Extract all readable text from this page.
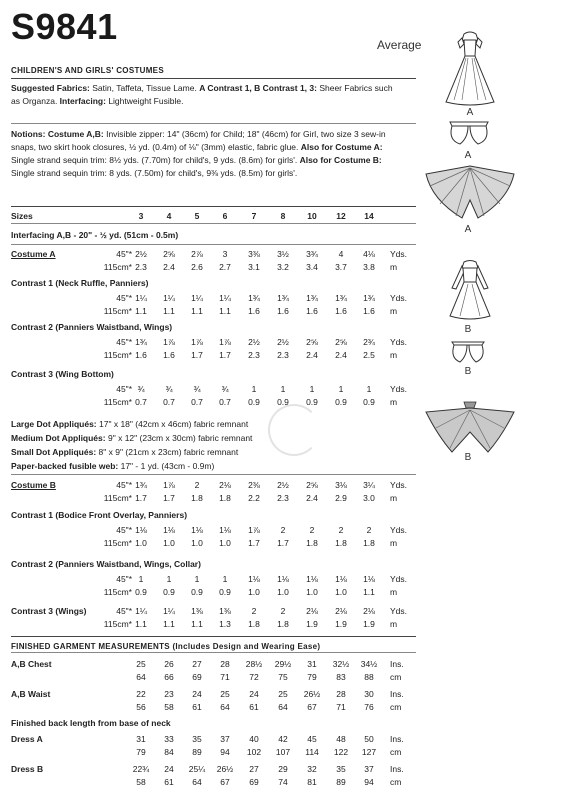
S9841	Average
CHILDREN'S AND GIRLS' COSTUMES
Suggested Fabrics: Satin, Taffeta, Tissue Lame. A Contrast 1, B Contrast 1, 3: Sheer Fabrics such
as Organza. Interfacing: Lightweight Fusible.
Notions: Costume A,B: Invisible zipper: 14" (36cm) for Child; 18" (46cm) for Girl, two size 3 sew-in
snaps, two skirt hook closures, ½ yd. (0.4m) of ⅛" (3mm) elastic, fabric glue. Also for Costume A:
Single strand sequin trim: 8½ yds. (7.70m) for child's, 9 yds. (8.6m) for girls'. Also for Costume B:
Single strand sequin trim: 8 yds. (7.50m) for child's, 9⅜ yds. (8.5m) for girls'.
Sizes	3	4	5	6	7	8	10	12	14
Interfacing A,B - 20" - ½ yd. (51cm - 0.5m)
Costume A	45"* 2½	2⅝	2⅞	3	3⅜	3½	3¾	4	4⅛	Yds.
115cm* 2.3	2.4	2.6	2.7	3.1	3.2	3.4	3.7	3.8	m
Contrast 1 (Neck Ruffle, Panniers)
45"* 1¼	1¼	1¼	1¼	1¾	1¾	1¾	1¾	1¾	Yds.
115cm* 1.1	1.1	1.1	1.1	1.6	1.6	1.6	1.6	1.6	m
Contrast 2 (Panniers Waistband, Wings)
45"* 1¾	1⅞	1⅞	1⅞	2½	2½	2⅝	2⅝	2¾	Yds.
115cm* 1.6	1.6	1.7	1.7	2.3	2.3	2.4	2.4	2.5	m
Contrast 3 (Wing Bottom)
45"* ¾	¾	¾	¾	1	1	1	1	1	Yds.
115cm* 0.7	0.7	0.7	0.7	0.9	0.9	0.9	0.9	0.9	m
Costume B	45"* 1¾	1⅞	2	2⅛	2⅜	2½	2⅝	3⅛	3¼	Yds.
115cm* 1.7	1.7	1.8	1.8	2.2	2.3	2.4	2.9	3.0	m
Contrast 1 (Bodice Front Overlay, Panniers)
45"* 1⅛	1⅛	1⅛	1⅛	1⅞	2	2	2	2	Yds.
115cm* 1.0	1.0	1.0	1.0	1.7	1.7	1.8	1.8	1.8	m
Contrast 2 (Panniers Waistband, Wings, Collar)
45"* 1	1	1	1	1⅛	1⅛	1⅛	1⅛	1⅛	Yds.
115cm* 0.9	0.9	0.9	0.9	1.0	1.0	1.0	1.0	1.1	m
Contrast 3 (Wings)	45"* 1¼	1¼	1⅜	1⅜	2	2	2⅛	2⅛	2⅛	Yds.
115cm* 1.1	1.1	1.1	1.3	1.8	1.8	1.9	1.9	1.9	m
A,B Chest	25	26	27	28	28½	29½	31	32½	34½	Ins.
64	66	69	71	72	75	79	83	88	cm
A,B Waist	22	23	24	25	24	25	26½	28	30	Ins.
56	58	61	64	61	64	67	71	76	cm
Dress A	31	33	35	37	40	42	45	48	50	Ins.
79	84	89	94	102	107	114	122	127	cm
Dress B	22¾	24	25¼	26½	27	29	32	35	37	Ins.
58	61	64	67	69	74	81	89	94	cm
Large Dot Appliqués: 17" x 18" (42cm x 46cm) fabric remnant
Medium Dot Appliqués: 9" x 12" (23cm x 30cm) fabric remnant
Small Dot Appliqués: 8" x 9" (21cm x 23cm) fabric remnant
Paper-backed fusible web: 17" - 1 yd. (43cm - 0.9m)
FINISHED GARMENT MEASUREMENTS (Includes Design and Wearing Ease)
Finished back length from base of neck
A
A
A
B
B
B
